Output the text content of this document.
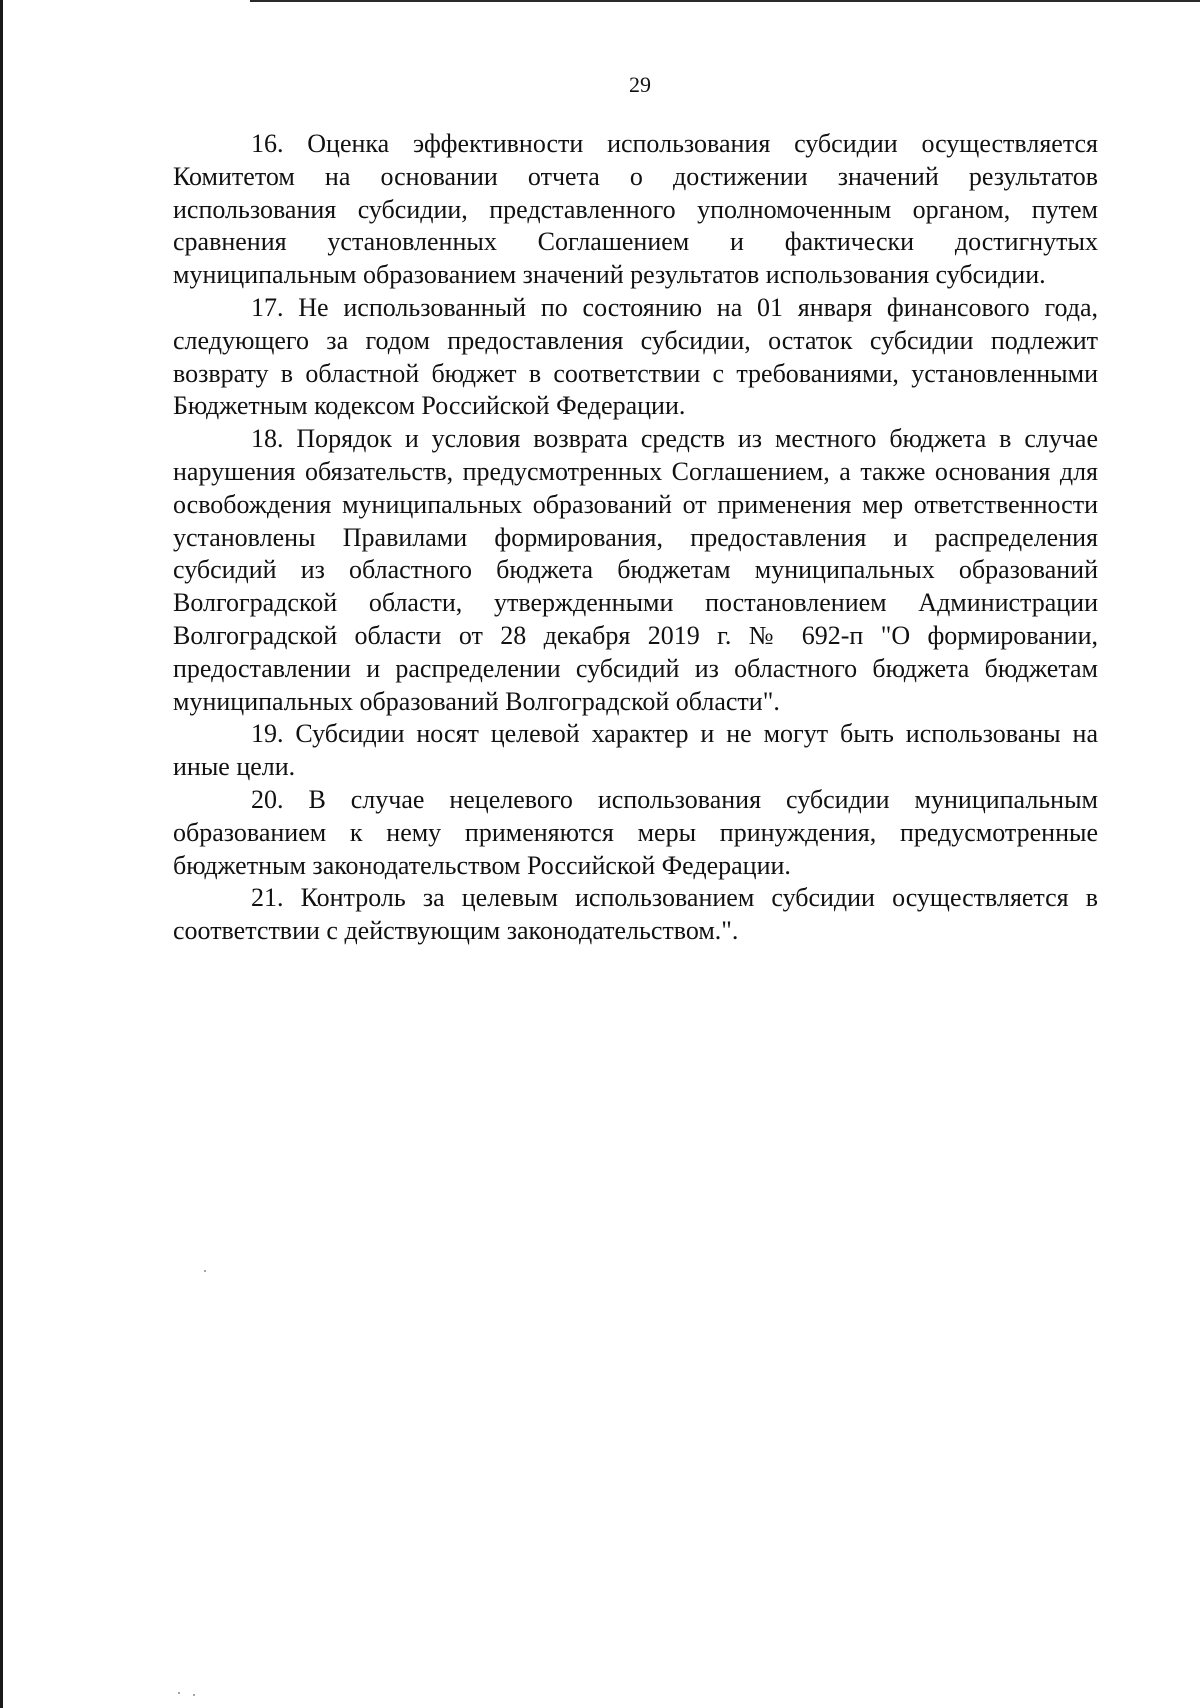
29

16. Оценка эффективности использования субсидии осуществляется Комитетом на основании отчета о достижении значений результатов использования субсидии, представленного уполномоченным органом, путем сравнения установленных Соглашением и фактически достигнутых муниципальным образованием значений результатов использования субсидии.

17. Не использованный по состоянию на 01 января финансового года, следующего за годом предоставления субсидии, остаток субсидии подлежит возврату в областной бюджет в соответствии с требованиями, установленными Бюджетным кодексом Российской Федерации.

18. Порядок и условия возврата средств из местного бюджета в случае нарушения обязательств, предусмотренных Соглашением, а также основания для освобождения муниципальных образований от применения мер ответственности установлены Правилами формирования, предоставления и распределения субсидий из областного бюджета бюджетам муниципальных образований Волгоградской области, утвержденными постановлением Администрации Волгоградской области от 28 декабря 2019 г. № 692-п "О формировании, предоставлении и распределении субсидий из областного бюджета бюджетам муниципальных образований Волгоградской области".

19. Субсидии носят целевой характер и не могут быть использованы на иные цели.

20. В случае нецелевого использования субсидии муниципальным образованием к нему применяются меры принуждения, предусмотренные бюджетным законодательством Российской Федерации.

21. Контроль за целевым использованием субсидии осуществляется в соответствии с действующим законодательством.".
